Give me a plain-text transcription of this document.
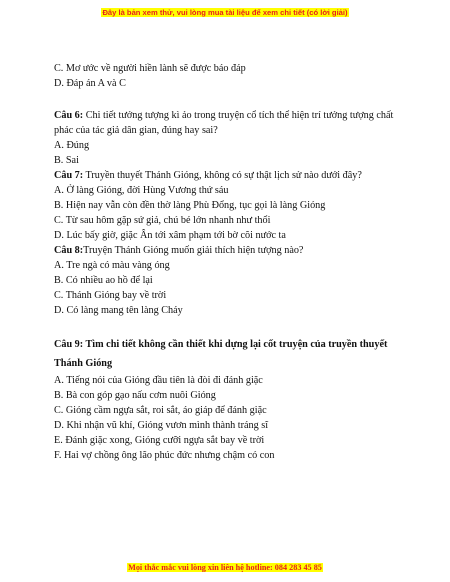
Đây là bản xem thử, vui lòng mua tài liệu để xem chi tiết (có lời giải)

C. Mơ ước về người hiền lành sẽ được báo đáp

D. Đáp án A và C

Câu 6: Chi tiết tưởng tượng kì ảo trong truyện cổ tích thể hiện trí tưởng tượng chất phác của tác giả dân gian, đúng hay sai?

A. Đúng

B. Sai

Câu 7: Truyền thuyết Thánh Gióng, không có sự thật lịch sử nào dưới đây?

A. Ở làng Gióng, đời Hùng Vương thứ sáu

B. Hiện nay vẫn còn đền thờ làng Phù Đổng, tục gọi là làng Gióng

C. Từ sau hôm gặp sứ giả, chú bé lớn nhanh như thổi

D. Lúc bấy giờ, giặc Ân tới xâm phạm tới bờ cõi nước ta

Câu 8:Truyện Thánh Gióng muốn giải thích hiện tượng nào?

A. Tre ngà có màu vàng óng

B. Có nhiều ao hồ để lại

C. Thánh Gióng bay về trời

D. Có làng mang tên làng Cháy

Câu 9: Tìm chi tiết không cần thiết khi dựng lại cốt truyện của truyền thuyết Thánh Gióng

A. Tiếng nói của Gióng đầu tiên là đòi đi đánh giặc

B. Bà con góp gạo nấu cơm nuôi Gióng

C. Gióng cầm ngựa sắt, roi sắt, áo giáp để đánh giặc

D. Khi nhận vũ khí, Gióng vươn mình thành tráng sĩ

E. Đánh giặc xong, Gióng cưỡi ngựa sắt bay về trời

F. Hai vợ chồng ông lão phúc đức nhưng chậm có con

Mọi thắc mắc vui lòng xin liên hệ hotline: 084 283 45 85
